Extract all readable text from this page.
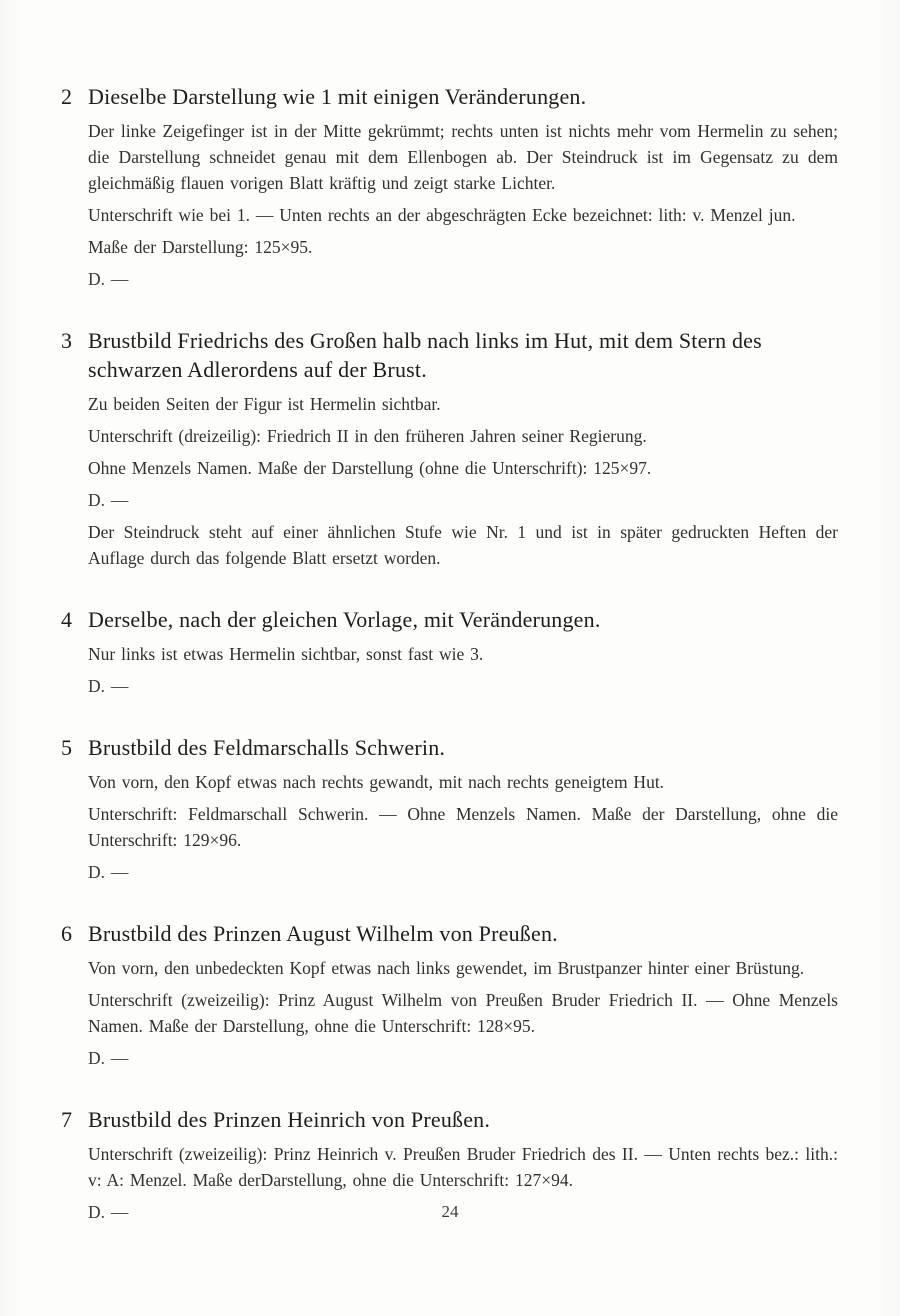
2 Dieselbe Darstellung wie 1 mit einigen Veränderungen.

Der linke Zeigefinger ist in der Mitte gekrümmt; rechts unten ist nichts mehr vom Hermelin zu sehen; die Darstellung schneidet genau mit dem Ellenbogen ab. Der Steindruck ist im Gegensatz zu dem gleichmäßig flauen vorigen Blatt kräftig und zeigt starke Lichter.

Unterschrift wie bei 1. — Unten rechts an der abgeschrägten Ecke bezeichnet: lith: v. Menzel jun.

Maße der Darstellung: 125×95.

D. —

3 Brustbild Friedrichs des Großen halb nach links im Hut, mit dem Stern des schwarzen Adlerordens auf der Brust.

Zu beiden Seiten der Figur ist Hermelin sichtbar.

Unterschrift (dreizeilig): Friedrich II in den früheren Jahren seiner Regierung.

Ohne Menzels Namen. Maße der Darstellung (ohne die Unterschrift): 125×97.

D. —

Der Steindruck steht auf einer ähnlichen Stufe wie Nr. 1 und ist in später gedruckten Heften der Auflage durch das folgende Blatt ersetzt worden.

4 Derselbe, nach der gleichen Vorlage, mit Veränderungen.

Nur links ist etwas Hermelin sichtbar, sonst fast wie 3.

D. —

5 Brustbild des Feldmarschalls Schwerin.

Von vorn, den Kopf etwas nach rechts gewandt, mit nach rechts geneigtem Hut.

Unterschrift: Feldmarschall Schwerin. — Ohne Menzels Namen. Maße der Darstellung, ohne die Unterschrift: 129×96.

D. —

6 Brustbild des Prinzen August Wilhelm von Preußen.

Von vorn, den unbedeckten Kopf etwas nach links gewendet, im Brustpanzer hinter einer Brüstung.

Unterschrift (zweizeilig): Prinz August Wilhelm von Preußen Bruder Friedrich II. — Ohne Menzels Namen. Maße der Darstellung, ohne die Unterschrift: 128×95.

D. —

7 Brustbild des Prinzen Heinrich von Preußen.

Unterschrift (zweizeilig): Prinz Heinrich v. Preußen Bruder Friedrich des II. — Unten rechts bez.: lith.: v: A: Menzel. Maße derDarstellung, ohne die Unterschrift: 127×94.

D. —	24
